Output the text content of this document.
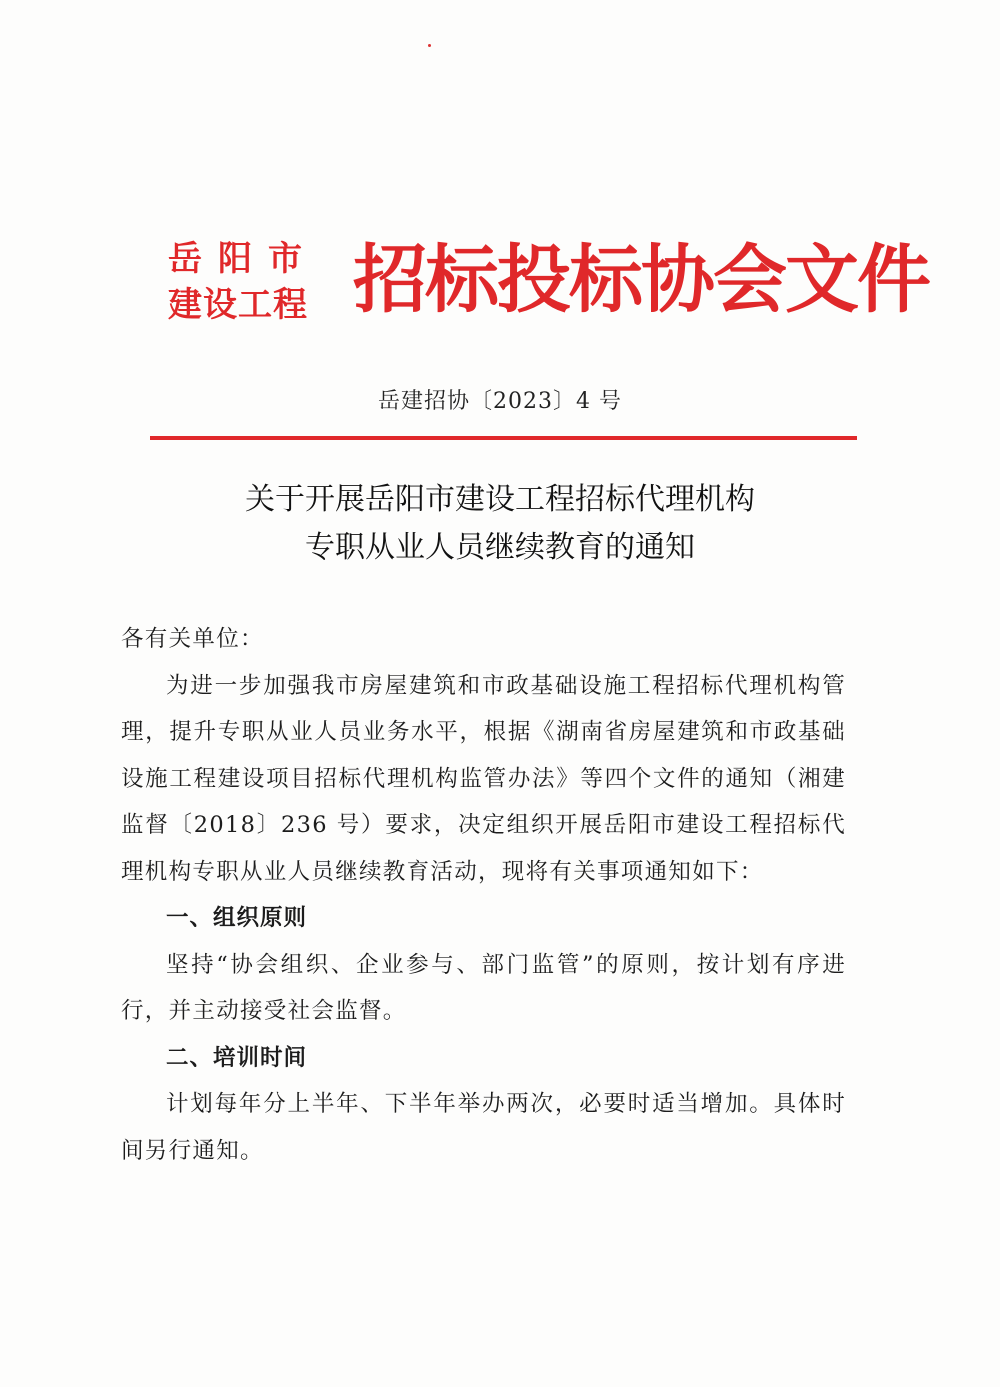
岳阳市
建设工程 招标投标协会文件
岳建招协〔2023〕4 号
关于开展岳阳市建设工程招标代理机构
专职从业人员继续教育的通知

各有关单位：

为进一步加强我市房屋建筑和市政基础设施工程招标代理机构管理，提升专职从业人员业务水平，根据《湖南省房屋建筑和市政基础设施工程建设项目招标代理机构监管办法》等四个文件的通知（湘建监督〔2018〕236 号）要求，决定组织开展岳阳市建设工程招标代理机构专职从业人员继续教育活动，现将有关事项通知如下：

一、组织原则

坚持“协会组织、企业参与、部门监管”的原则，按计划有序进行，并主动接受社会监督。

二、培训时间

计划每年分上半年、下半年举办两次，必要时适当增加。具体时间另行通知。
